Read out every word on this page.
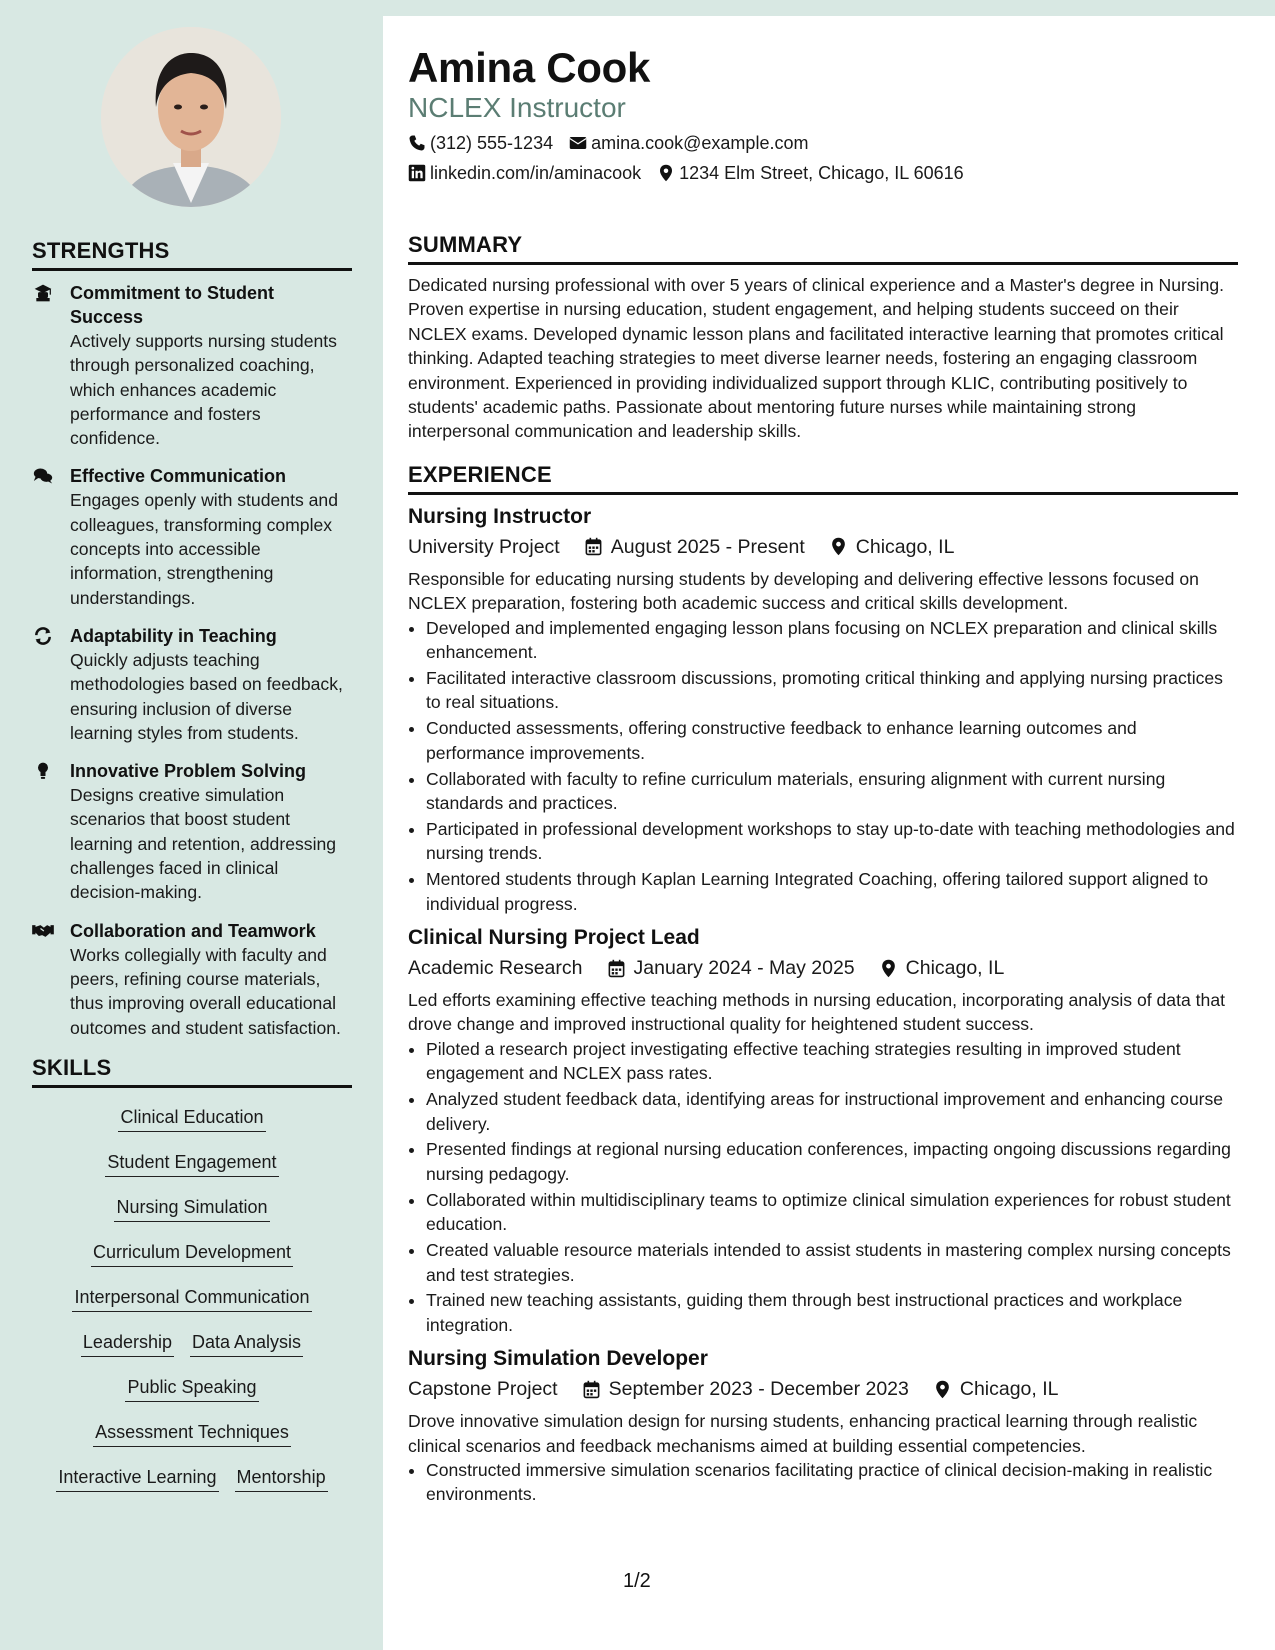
STRENGTHS
Commitment to Student Success
Actively supports nursing students through personalized coaching, which enhances academic performance and fosters confidence.
Effective Communication
Engages openly with students and colleagues, transforming complex concepts into accessible information, strengthening understandings.
Adaptability in Teaching
Quickly adjusts teaching methodologies based on feedback, ensuring inclusion of diverse learning styles from students.
Innovative Problem Solving
Designs creative simulation scenarios that boost student learning and retention, addressing challenges faced in clinical decision-making.
Collaboration and Teamwork
Works collegially with faculty and peers, refining course materials, thus improving overall educational outcomes and student satisfaction.
SKILLS
Clinical Education
Student Engagement
Nursing Simulation
Curriculum Development
Interpersonal Communication
Leadership Data Analysis
Public Speaking
Assessment Techniques
Interactive Learning Mentorship
Amina Cook
NCLEX Instructor
(312) 555-1234 amina.cook@example.com
linkedin.com/in/aminacook 1234 Elm Street, Chicago, IL 60616
SUMMARY
Dedicated nursing professional with over 5 years of clinical experience and a Master's degree in Nursing. Proven expertise in nursing education, student engagement, and helping students succeed on their NCLEX exams. Developed dynamic lesson plans and facilitated interactive learning that promotes critical thinking. Adapted teaching strategies to meet diverse learner needs, fostering an engaging classroom environment. Experienced in providing individualized support through KLIC, contributing positively to students' academic paths. Passionate about mentoring future nurses while maintaining strong interpersonal communication and leadership skills.
EXPERIENCE
Nursing Instructor
University Project	August 2025 - Present	Chicago, IL
Responsible for educating nursing students by developing and delivering effective lessons focused on NCLEX preparation, fostering both academic success and critical skills development.
• Developed and implemented engaging lesson plans focusing on NCLEX preparation and clinical skills enhancement.
• Facilitated interactive classroom discussions, promoting critical thinking and applying nursing practices to real situations.
• Conducted assessments, offering constructive feedback to enhance learning outcomes and performance improvements.
• Collaborated with faculty to refine curriculum materials, ensuring alignment with current nursing standards and practices.
• Participated in professional development workshops to stay up-to-date with teaching methodologies and nursing trends.
• Mentored students through Kaplan Learning Integrated Coaching, offering tailored support aligned to individual progress.
Clinical Nursing Project Lead
Academic Research	January 2024 - May 2025	Chicago, IL
Led efforts examining effective teaching methods in nursing education, incorporating analysis of data that drove change and improved instructional quality for heightened student success.
• Piloted a research project investigating effective teaching strategies resulting in improved student engagement and NCLEX pass rates.
• Analyzed student feedback data, identifying areas for instructional improvement and enhancing course delivery.
• Presented findings at regional nursing education conferences, impacting ongoing discussions regarding nursing pedagogy.
• Collaborated within multidisciplinary teams to optimize clinical simulation experiences for robust student education.
• Created valuable resource materials intended to assist students in mastering complex nursing concepts and test strategies.
• Trained new teaching assistants, guiding them through best instructional practices and workplace integration.
Nursing Simulation Developer
Capstone Project	September 2023 - December 2023	Chicago, IL
Drove innovative simulation design for nursing students, enhancing practical learning through realistic clinical scenarios and feedback mechanisms aimed at building essential competencies.
• Constructed immersive simulation scenarios facilitating practice of clinical decision-making in realistic environments.
1/2
